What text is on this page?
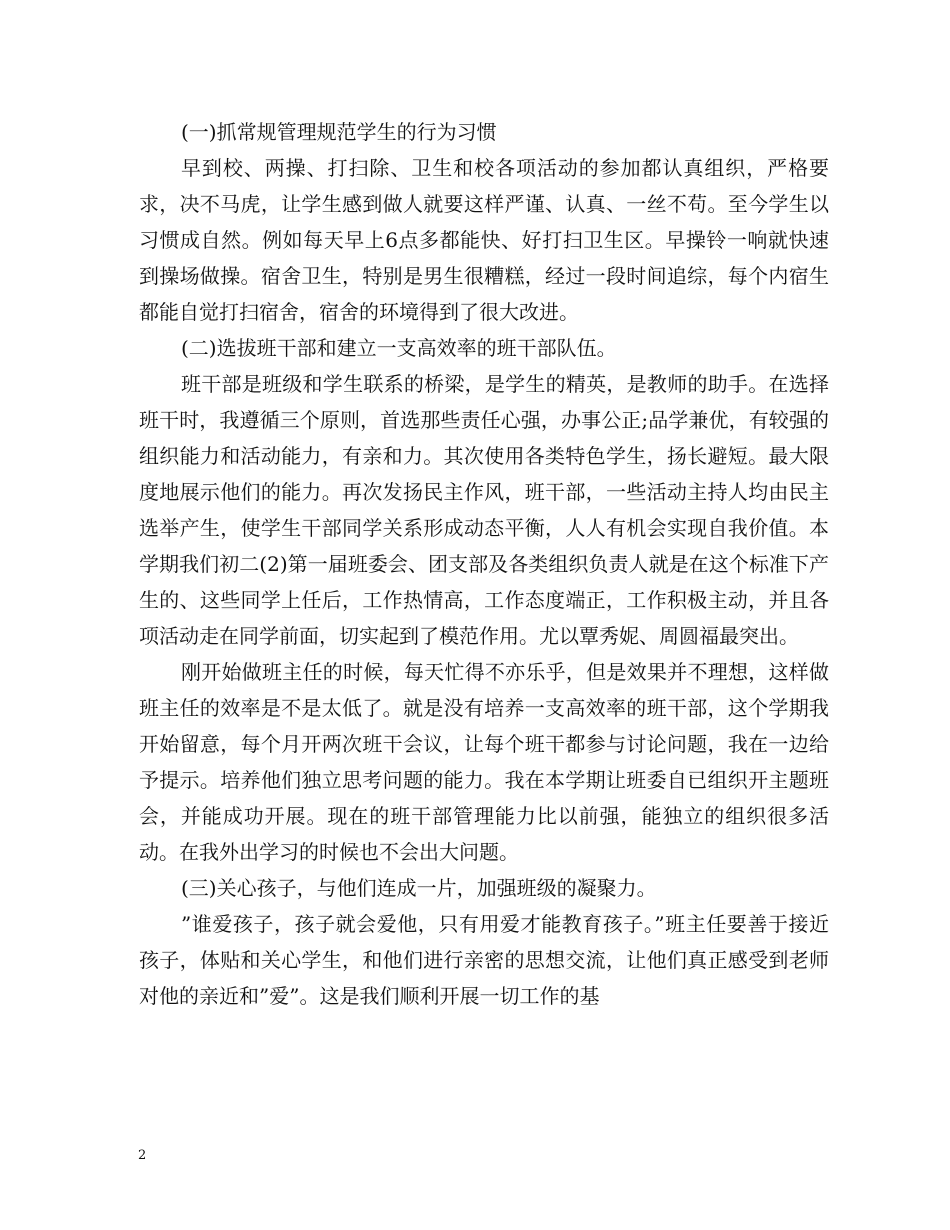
(一)抓常规管理规范学生的行为习惯

早到校、两操、打扫除、卫生和校各项活动的参加都认真组织，严格要求，决不马虎，让学生感到做人就要这样严谨、认真、一丝不苟。至今学生以习惯成自然。例如每天早上6点多都能快、好打扫卫生区。早操铃一响就快速到操场做操。宿舍卫生，特别是男生很糟糕，经过一段时间追综，每个内宿生都能自觉打扫宿舍，宿舍的环境得到了很大改进。

(二)选拔班干部和建立一支高效率的班干部队伍。

班干部是班级和学生联系的桥梁，是学生的精英，是教师的助手。在选择班干时，我遵循三个原则，首选那些责任心强，办事公正;品学兼优，有较强的组织能力和活动能力，有亲和力。其次使用各类特色学生，扬长避短。最大限度地展示他们的能力。再次发扬民主作风，班干部，一些活动主持人均由民主选举产生，使学生干部同学关系形成动态平衡，人人有机会实现自我价值。本学期我们初二(2)第一届班委会、团支部及各类组织负责人就是在这个标准下产生的、这些同学上任后，工作热情高，工作态度端正，工作积极主动，并且各项活动走在同学前面，切实起到了模范作用。尤以覃秀妮、周圆福最突出。

刚开始做班主任的时候，每天忙得不亦乐乎，但是效果并不理想，这样做班主任的效率是不是太低了。就是没有培养一支高效率的班干部，这个学期我开始留意，每个月开两次班干会议，让每个班干都参与讨论问题，我在一边给予提示。培养他们独立思考问题的能力。我在本学期让班委自已组织开主题班会，并能成功开展。现在的班干部管理能力比以前强，能独立的组织很多活动。在我外出学习的时候也不会出大问题。

(三)关心孩子，与他们连成一片，加强班级的凝聚力。

”谁爱孩子，孩子就会爱他，只有用爱才能教育孩子。”班主任要善于接近孩子，体贴和关心学生，和他们进行亲密的思想交流，让他们真正感受到老师对他的亲近和”爱”。这是我们顺利开展一切工作的基

2
